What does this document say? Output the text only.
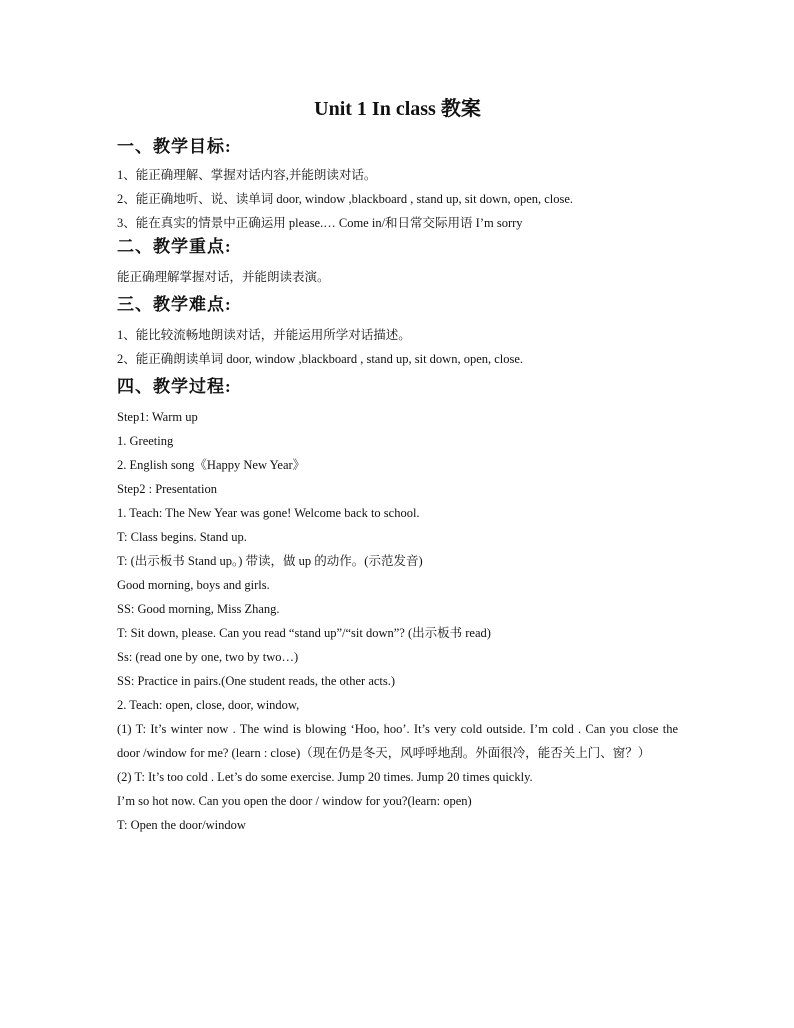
Unit 1 In class 教案
一、教学目标:
1、能正确理解、掌握对话内容,并能朗读对话。
2、能正确地听、说、读单词 door, window ,blackboard , stand up, sit down, open, close.
3、能在真实的情景中正确运用 please.… Come in/和日常交际用语 I’m sorry
二、教学重点:
能正确理解掌握对话，并能朗读表演。
三、教学难点:
1、能比较流畅地朗读对话，并能运用所学对话描述。
2、能正确朗读单词 door, window ,blackboard , stand up, sit down, open, close.
四、教学过程:
Step1: Warm up
1. Greeting
2. English song《Happy New Year》
Step2 : Presentation
1. Teach: The New Year was gone! Welcome back to school.
T: Class begins. Stand up.
T: (出示板书 Stand up。) 带读，做 up 的动作。(示范发音)
Good morning, boys and girls.
SS: Good morning, Miss Zhang.
T: Sit down, please. Can you read “stand up”/“sit down”? (出示板书 read)
Ss: (read one by one, two by two…)
SS: Practice in pairs.(One student reads, the other acts.)
2. Teach: open, close, door, window,
(1) T: It’s winter now . The wind is blowing ‘Hoo, hoo’. It’s very cold outside. I’m cold . Can you close the door /window for me? (learn : close)（现在仍是冬天，风呼呼地刮。外面很冷，能否关上门、窗？）
(2) T: It’s too cold . Let’s do some exercise. Jump 20 times. Jump 20 times quickly.
I’m so hot now. Can you open the door / window for you?(learn: open)
T: Open the door/window
